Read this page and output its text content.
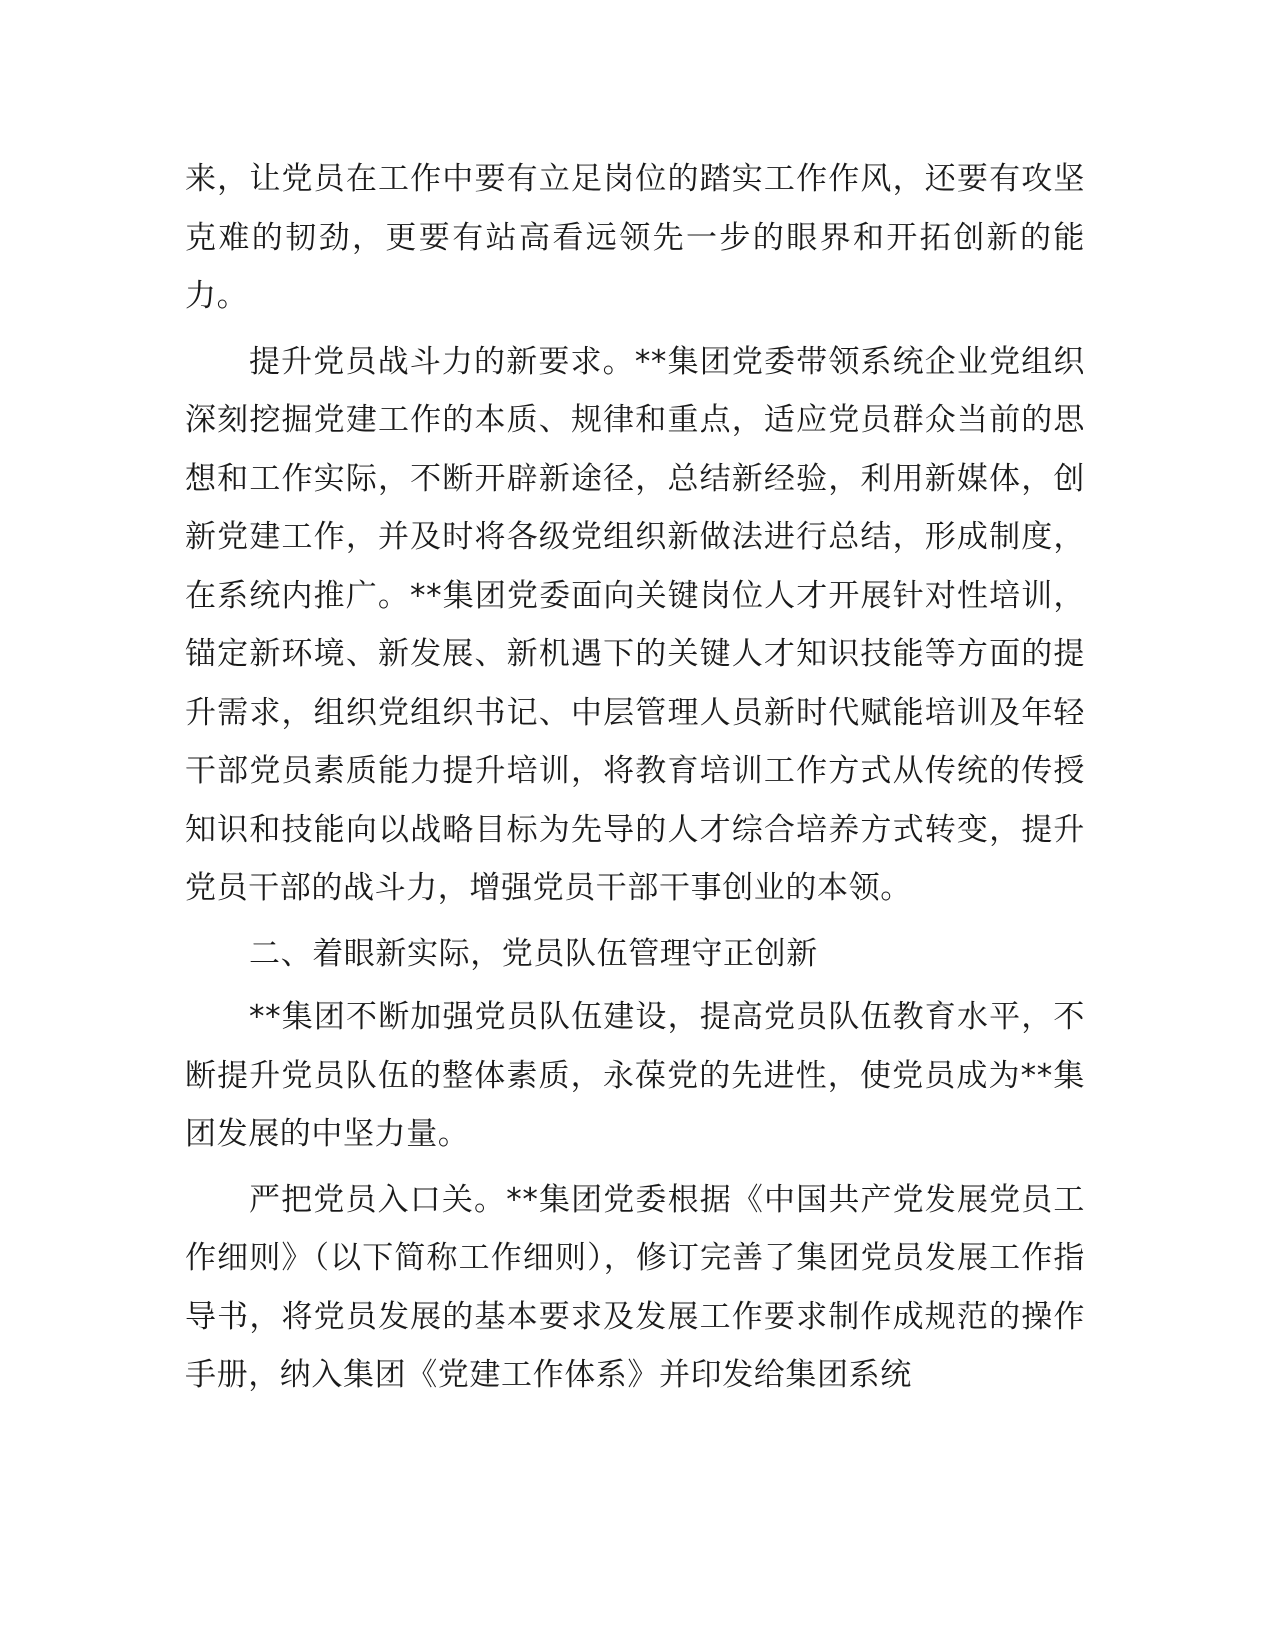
来，让党员在工作中要有立足岗位的踏实工作作风，还要有攻坚克难的韧劲，更要有站高看远领先一步的眼界和开拓创新的能力。

提升党员战斗力的新要求。**集团党委带领系统企业党组织深刻挖掘党建工作的本质、规律和重点，适应党员群众当前的思想和工作实际，不断开辟新途径，总结新经验，利用新媒体，创新党建工作，并及时将各级党组织新做法进行总结，形成制度，在系统内推广。**集团党委面向关键岗位人才开展针对性培训，锚定新环境、新发展、新机遇下的关键人才知识技能等方面的提升需求，组织党组织书记、中层管理人员新时代赋能培训及年轻干部党员素质能力提升培训，将教育培训工作方式从传统的传授知识和技能向以战略目标为先导的人才综合培养方式转变，提升党员干部的战斗力，增强党员干部干事创业的本领。

二、着眼新实际，党员队伍管理守正创新

**集团不断加强党员队伍建设，提高党员队伍教育水平，不断提升党员队伍的整体素质，永葆党的先进性，使党员成为**集团发展的中坚力量。

严把党员入口关。**集团党委根据《中国共产党发展党员工作细则》（以下简称工作细则），修订完善了集团党员发展工作指导书，将党员发展的基本要求及发展工作要求制作成规范的操作手册，纳入集团《党建工作体系》并印发给集团系统
